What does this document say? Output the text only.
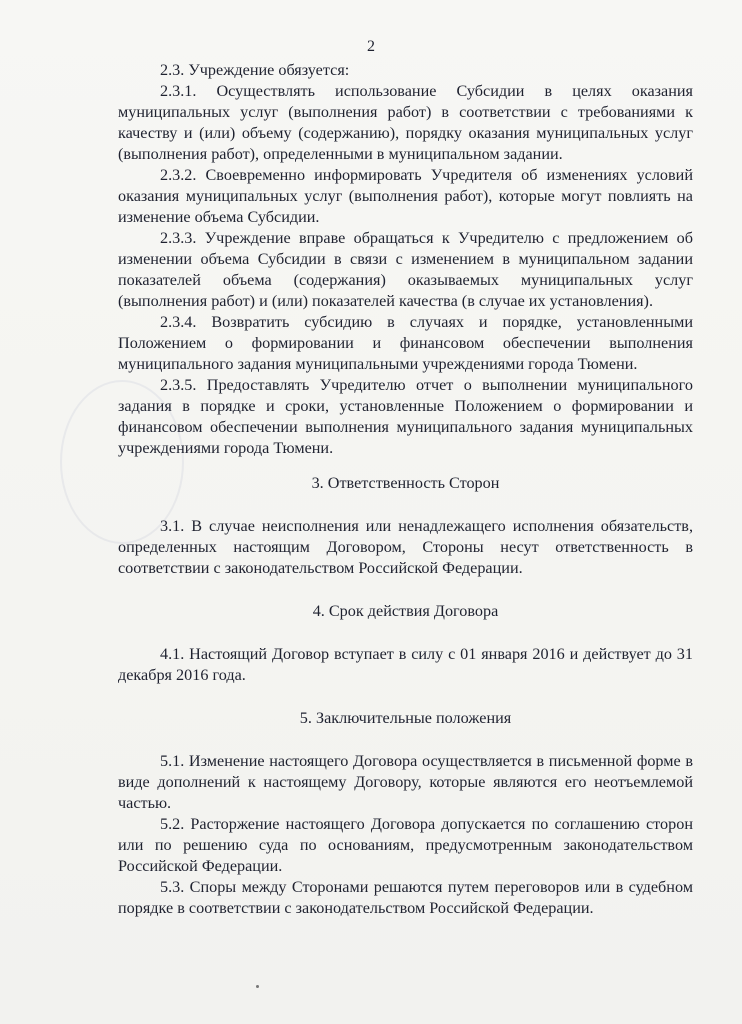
2

2.3. Учреждение обязуется:

2.3.1. Осуществлять использование Субсидии в целях оказания муниципальных услуг (выполнения работ) в соответствии с требованиями к качеству и (или) объему (содержанию), порядку оказания муниципальных услуг (выполнения работ), определенными в муниципальном задании.

2.3.2. Своевременно информировать Учредителя об изменениях условий оказания муниципальных услуг (выполнения работ), которые могут повлиять на изменение объема Субсидии.

2.3.3. Учреждение вправе обращаться к Учредителю с предложением об изменении объема Субсидии в связи с изменением в муниципальном задании показателей объема (содержания) оказываемых муниципальных услуг (выполнения работ) и (или) показателей качества (в случае их установления).

2.3.4. Возвратить субсидию в случаях и порядке, установленными Положением о формировании и финансовом обеспечении выполнения муниципального задания муниципальными учреждениями города Тюмени.

2.3.5. Предоставлять Учредителю отчет о выполнении муниципального задания в порядке и сроки, установленные Положением о формировании и финансовом обеспечении выполнения муниципального задания муниципальных учреждениями города Тюмени.

3. Ответственность Сторон

3.1. В случае неисполнения или ненадлежащего исполнения обязательств, определенных настоящим Договором, Стороны несут ответственность в соответствии с законодательством Российской Федерации.

4. Срок действия Договора

4.1. Настоящий Договор вступает в силу с 01 января 2016 и действует до 31 декабря 2016 года.

5. Заключительные положения

5.1. Изменение настоящего Договора осуществляется в письменной форме в виде дополнений к настоящему Договору, которые являются его неотъемлемой частью.

5.2. Расторжение настоящего Договора допускается по соглашению сторон или по решению суда по основаниям, предусмотренным законодательством Российской Федерации.

5.3. Споры между Сторонами решаются путем переговоров или в судебном порядке в соответствии с законодательством Российской Федерации.
